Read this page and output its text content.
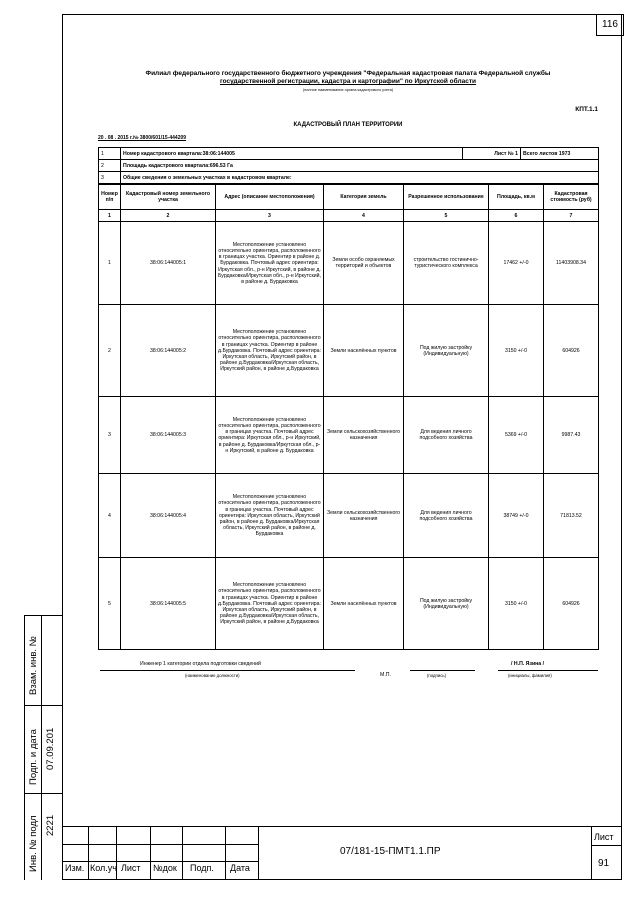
116
Филиал федерального государственного бюджетного учреждения "Федеральная кадастровая палата Федеральной службы
государственной регистрации, кадастра и картографии" по Иркутской области
(полное наименование органа кадастрового учета)
КПТ.1.1
КАДАСТРОВЫЙ ПЛАН ТЕРРИТОРИИ
20 . 08 . 2015 г.№ 3800/601/15-444209
1	Номер кадастрового квартала:38:06:144005	Лист № 1	Всего листов 1973
2	Площадь кадастрового квартала:696.53 Га		
3	Общие сведения о земельных участках в кадастровом квартале:		
Номер п/п	Кадастровый номер земельного участка	Адрес (описание местоположения)	Категория земель	Разрешенное использование	Площадь, кв.м	Кадастровая стоимость (руб)
1	2	3	4	5	6	7
1	38:06:144005:1	Местоположение установлено относительно ориентира, расположенного в границах участка. Ориентир в районе д. Бурдаковка. Почтовый адрес ориентира: Иркутская обл., р-н Иркутский, в районе д. Бурдаковка/Иркутская обл., р-н Иркутский, в районе д. Бурдаковка	Земли особо охраняемых территорий и объектов	строительство гостинично-туристического комплекса	17462 +/-0	11403908.34
2	38:06:144005:2	Местоположение установлено относительно ориентира, расположенного в границах участка. Ориентир в районе д.Бурдаковка. Почтовый адрес ориентира: Иркутская область, Иркутский район, в районе д.Бурдаковка/Иркутская область, Иркутский район, в районе д.Бурдаковка	Земли населённых пунктов	Под жилую застройку (Индивидуальную)	3150 +/-0	604926
3	38:06:144005:3	Местоположение установлено относительно ориентира, расположенного в границах участка. Почтовый адрес ориентира: Иркутская обл., р-н Иркутский, в районе д. Бурдаковка/Иркутская обл., р-н Иркутский, в районе д. Бурдаковка	Земли сельскохозяйственного назначения	Для ведения личного подсобного хозяйства	5369 +/-0	9987.43
4	38:06:144005:4	Местоположение установлено относительно ориентира, расположенного в границах участка. Почтовый адрес ориентира: Иркутская область, Иркутский район, в районе д. Бурдаковка/Иркутская область, Иркутский район, в районе д. Бурдаковка	Земли сельскохозяйственного назначения	Для ведения личного подсобного хозяйства	38749 +/-0	71813.52
5	38:06:144005:5	Местоположение установлено относительно ориентира, расположенного в границах участка. Ориентир в районе д.Бурдаковка. Почтовый адрес ориентира: Иркутская область, Иркутский район, в районе д.Бурдаковка/Иркутская область, Иркутский район, в районе д.Бурдаковка	Земли населённых пунктов	Под жилую застройку (Индивидуальную)	3150 +/-0	604926
Инженер 1 категории отдела подготовки сведений
(наименование должности)	М.П.	(подпись)
/ Н.П. Язина /
(инициалы, фамилия)
Взам. инв. №
Подп. и дата 07.09.201
Инв. № подл 2221
Изм. Кол.уч Лист №док Подп. Дата
07/181-15-ПМТ1.1.ПР
Лист
91
